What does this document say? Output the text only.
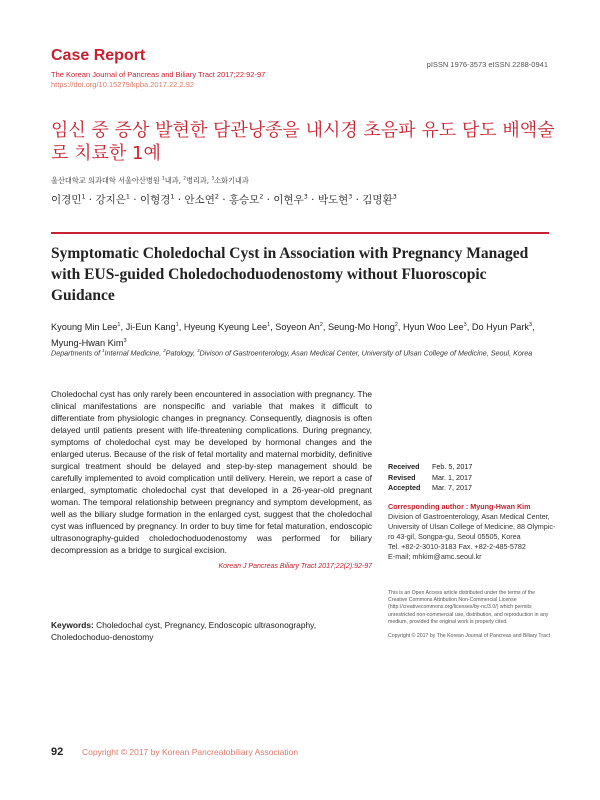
Case Report
The Korean Journal of Pancreas and Biliary Tract 2017;22:92-97
https://doi.org/10.15279/kpba.2017.22.2.92
pISSN 1976-3573 eISSN 2288-0941
임신 중 증상 발현한 담관낭종을 내시경 초음파 유도 담도 배액술로 치료한 1예
울산대학교 의과대학 서울아산병원 $^1$내과, $^2$병리과, $^3$소화기내과
이경민$^1$ · 강지은$^1$ · 이형경$^1$ · 안소연$^2$ · 홍승모$^2$ · 이현우$^3$ · 박도현$^3$ · 김명환$^3$
Symptomatic Choledochal Cyst in Association with Pregnancy Managed with EUS-guided Choledochoduodenostomy without Fluoroscopic Guidance
Kyoung Min Lee$^1$, Ji-Eun Kang$^1$, Hyeung Kyeung Lee$^1$, Soyeon An$^2$, Seung-Mo Hong$^2$, Hyun Woo Lee$^3$, Do Hyun Park$^3$, Myung-Hwan Kim$^3$
Departments of $^1$Internal Medicine, $^2$Patology, $^3$Divison of Gastroenterology, Asan Medical Center, University of Ulsan College of Medicine, Seoul, Korea
Choledochal cyst has only rarely been encountered in association with pregnancy. The clinical manifestations are nonspecific and variable that makes it difficult to differentiate from physiologic changes in pregnancy. Consequently, diagnosis is often delayed until patients present with life-threatening complications. During pregnancy, symptoms of choledochal cyst may be developed by hormonal changes and the enlarged uterus. Because of the risk of fetal mortality and maternal morbidity, definitive surgical treatment should be delayed and step-by-step management should be carefully implemented to avoid complication until delivery. Herein, we report a case of enlarged, symptomatic choledochal cyst that developed in a 26-year-old pregnant woman. The temporal relationship between pregnancy and symptom development, as well as the biliary sludge formation in the enlarged cyst, suggest that the choledochal cyst was influenced by pregnancy. In order to buy time for fetal maturation, endoscopic ultrasonography-guided choledochoduodenostomy was performed for biliary decompression as a bridge to surgical excision.
Korean J Pancreas Biliary Tract 2017;22(2):92-97
Keywords: Choledochal cyst, Pregnancy, Endoscopic ultrasonography, Choledochoduo-denostomy
Received	Feb. 5, 2017
Revised	Mar. 1, 2017
Accepted	Mar. 7, 2017
Corresponding author : Myung-Hwan Kim
Division of Gastroenterology, Asan Medical Center,
University of Ulsan College of Medicine, 88 Olympic-
ro 43-gil, Songpa-gu, Seoul 05505, Korea
Tel. +82-2-3010-3183 Fax. +82-2-485-5782
E-mail; mhkim@amc.seoul.kr
This is an Open Access article distributed under the terms of the Creative Commons Attribution Non-Commercial License (http://creativecommons.org/licenses/by-nc/3.0/) which permits unrestricted non-commercial use, distribution, and reproduction in any medium, provided the original work is properly cited.
Copyright © 2017 by The Korean Journal of Pancreas and Biliary Tract
92 Copyright © 2017 by Korean Pancreatobiliary Association
